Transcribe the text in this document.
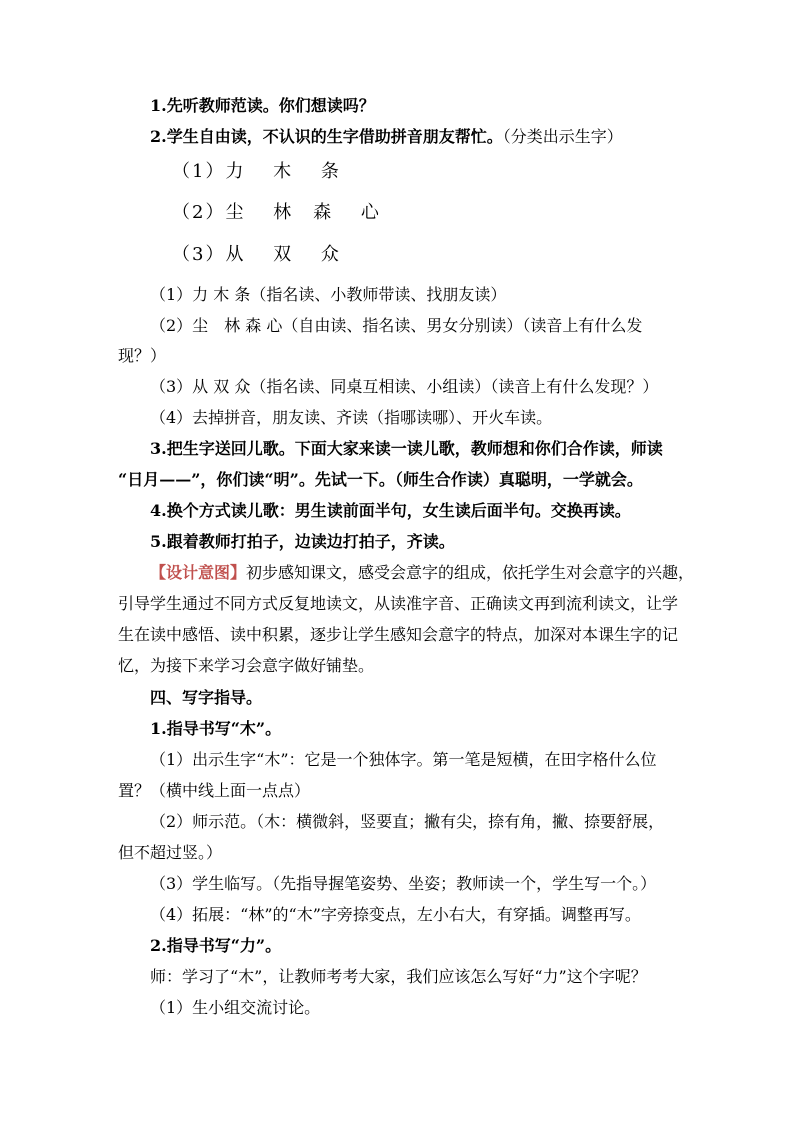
1.先听教师范读。你们想读吗？
2.学生自由读，不认识的生字借助拼音朋友帮忙。（分类出示生字）
（1）力　 木　 条
（2）尘　 林　森　 心
（3）从　 双　 众
（1）力 木 条（指名读、小教师带读、找朋友读）
（2）尘　林 森 心（自由读、指名读、男女分别读）（读音上有什么发
现？）
（3）从 双 众（指名读、同桌互相读、小组读）（读音上有什么发现？）
（4）去掉拼音，朋友读、齐读（指哪读哪）、开火车读。
3.把生字送回儿歌。下面大家来读一读儿歌，教师想和你们合作读，师读
“日月——”，你们读“明”。先试一下。（师生合作读）真聪明，一学就会。
4.换个方式读儿歌：男生读前面半句，女生读后面半句。交换再读。
5.跟着教师打拍子，边读边打拍子，齐读。
【设计意图】初步感知课文，感受会意字的组成，依托学生对会意字的兴趣，
引导学生通过不同方式反复地读文，从读准字音、正确读文再到流利读文，让学
生在读中感悟、读中积累，逐步让学生感知会意字的特点，加深对本课生字的记
忆，为接下来学习会意字做好铺垫。
四、写字指导。
1.指导书写“木”。
（1）出示生字“木”：它是一个独体字。第一笔是短横，在田字格什么位
置？（横中线上面一点点）
（2）师示范。（木：横微斜，竖要直；撇有尖，捺有角，撇、捺要舒展，
但不超过竖。）
（3）学生临写。（先指导握笔姿势、坐姿；教师读一个，学生写一个。）
（4）拓展：“林”的“木”字旁捺变点，左小右大，有穿插。调整再写。
2.指导书写“力”。
师：学习了“木”，让教师考考大家，我们应该怎么写好“力”这个字呢？
（1）生小组交流讨论。
